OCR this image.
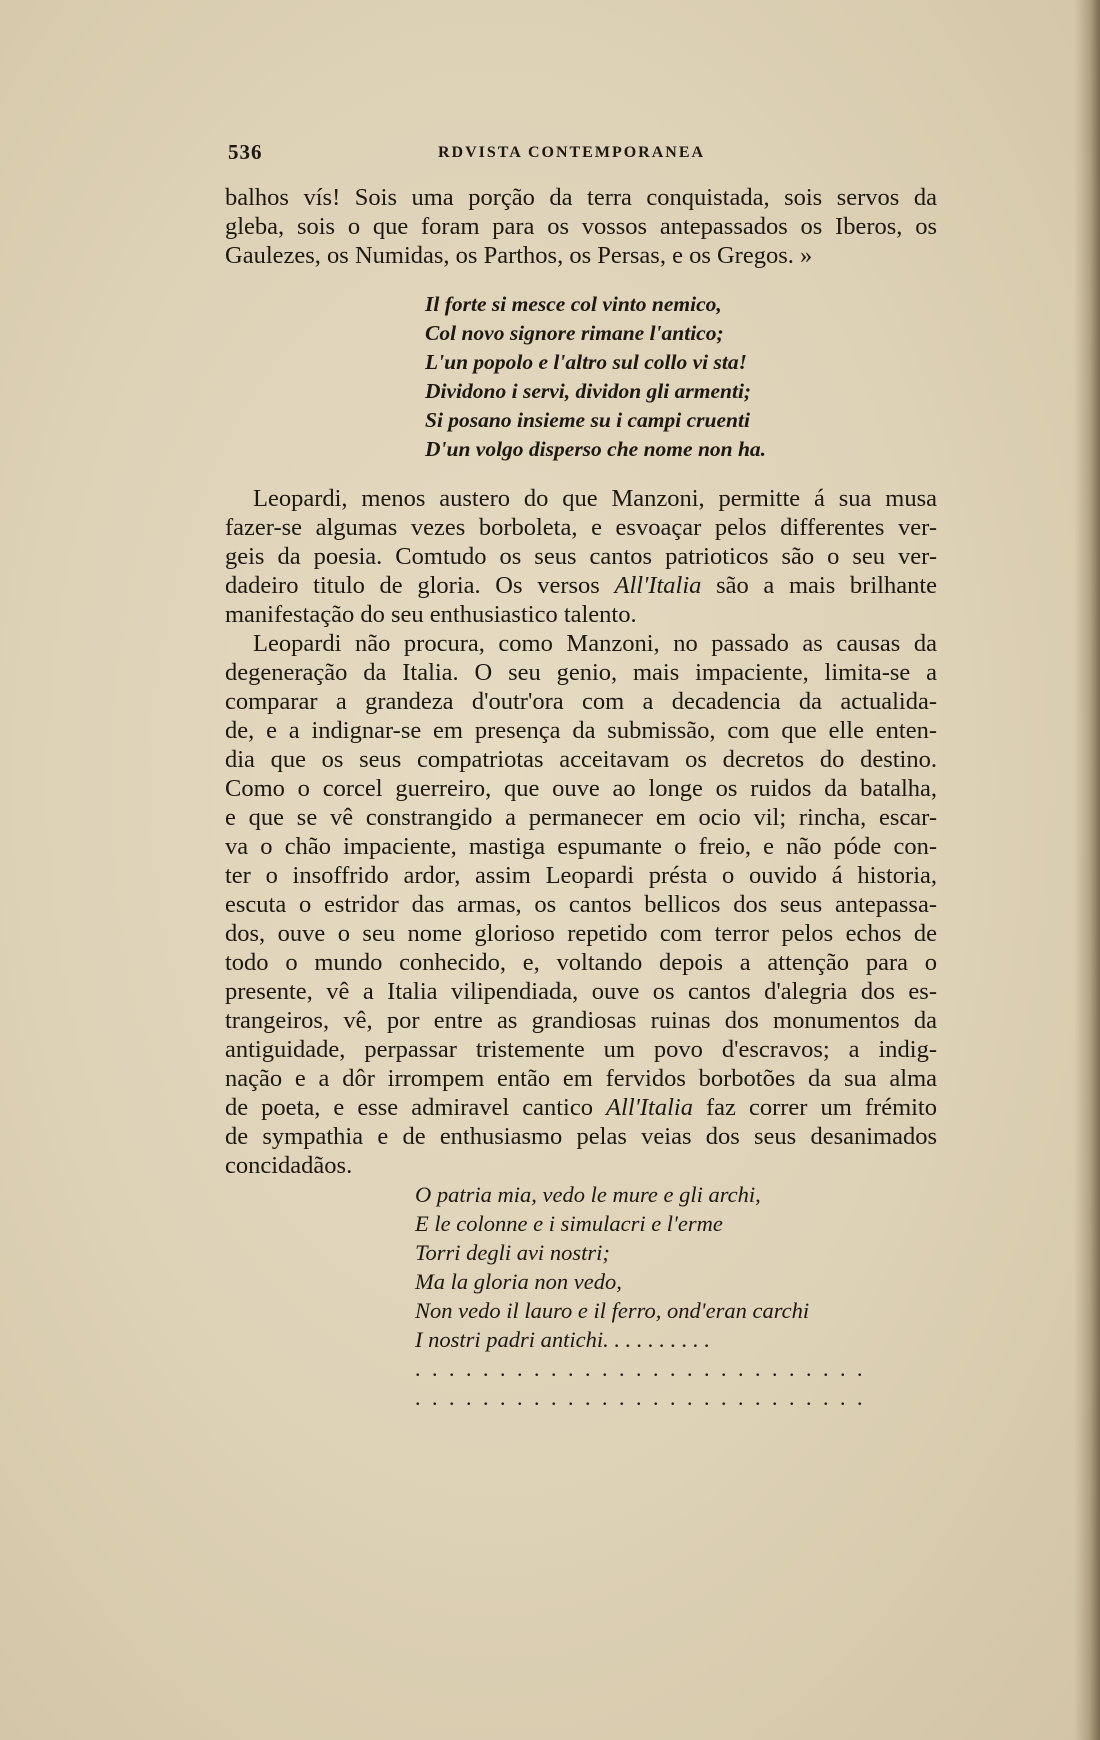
536	RDVISTA CONTEMPORANEA
balhos vís! Sois uma porção da terra conquistada, sois servos da
gleba, sois o que foram para os vossos antepassados os Iberos, os
Gaulezes, os Numidas, os Parthos, os Persas, e os Gregos. »
Il forte si mesce col vinto nemico,
Col novo signore rimane l'antico;
L'un popolo e l'altro sul collo vi sta!
Dividono i servi, dividon gli armenti;
Si posano insieme su i campi cruenti
D'un volgo disperso che nome non ha.
Leopardi, menos austero do que Manzoni, permitte á sua musa
fazer-se algumas vezes borboleta, e esvoaçar pelos differentes ver-
geis da poesia. Comtudo os seus cantos patrioticos são o seu ver-
dadeiro titulo de gloria. Os versos All'Italia são a mais brilhante
manifestação do seu enthusiastico talento.
Leopardi não procura, como Manzoni, no passado as causas da
degeneração da Italia. O seu genio, mais impaciente, limita-se a
comparar a grandeza d'outr'ora com a decadencia da actualida-
de, e a indignar-se em presença da submissão, com que elle enten-
dia que os seus compatriotas acceitavam os decretos do destino.
Como o corcel guerreiro, que ouve ao longe os ruidos da batalha,
e que se vê constrangido a permanecer em ocio vil; rincha, escar-
va o chão impaciente, mastiga espumante o freio, e não póde con-
ter o insoffrido ardor, assim Leopardi présta o ouvido á historia,
escuta o estridor das armas, os cantos bellicos dos seus antepassa-
dos, ouve o seu nome glorioso repetido com terror pelos echos de
todo o mundo conhecido, e, voltando depois a attenção para o
presente, vê a Italia vilipendiada, ouve os cantos d'alegria dos es-
trangeiros, vê, por entre as grandiosas ruinas dos monumentos da
antiguidade, perpassar tristemente um povo d'escravos; a indig-
nação e a dôr irrompem então em fervidos borbotões da sua alma
de poeta, e esse admiravel cantico All'Italia faz correr um frémito
de sympathia e de enthusiasmo pelas veias dos seus desanimados
concidadãos.
O patria mia, vedo le mure e gli archi,
E le colonne e i simulacri e l'erme
Torri degli avi nostri;
Ma la gloria non vedo,
Non vedo il lauro e il ferro, ond'eran carchi
I nostri padri antichi. . . . . . . . . .
. . . . . . . . . . . . . . . . . . . . . . . . . . .
. . . . . . . . . . . . . . . . . . . . . . . . . . .
